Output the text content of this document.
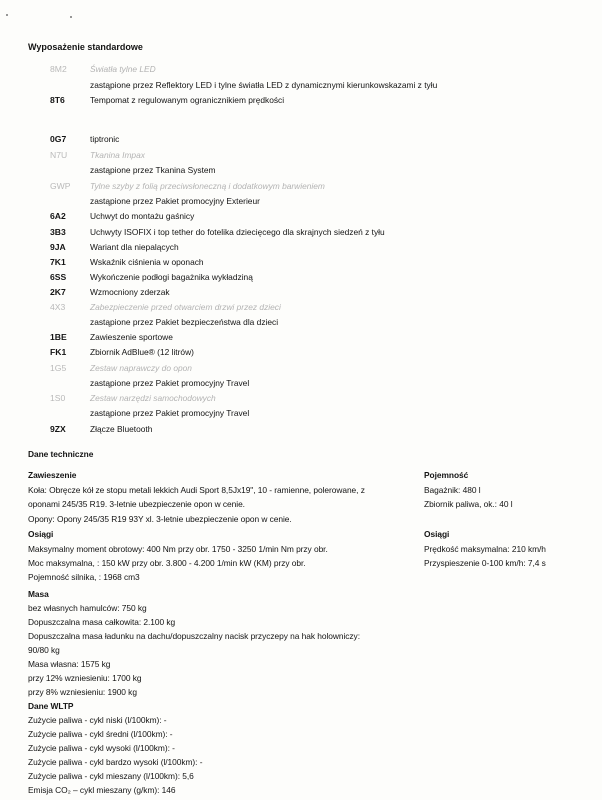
Wyposażenie standardowe
8M2	Światła tylne LED
zastąpione przez Reflektory LED i tylne światła LED z dynamicznymi kierunkowskazami z tyłu
8T6	Tempomat z regulowanym ogranicznikiem prędkości
0G7	tiptronic
N7U	Tkanina Impax
zastąpione przez Tkanina System
GWP Tylne szyby z folią przeciwsłoneczną i dodatkowym barwieniem
zastąpione przez Pakiet promocyjny Exterieur
6A2	Uchwyt do montażu gaśnicy
3B3	Uchwyty ISOFIX i top tether do fotelika dziecięcego dla skrajnych siedzeń z tyłu
9JA	Wariant dla niepalących
7K1	Wskaźnik ciśnienia w oponach
6SS	Wykończenie podłogi bagażnika wykładziną
2K7	Wzmocniony zderzak
4X3	Zabezpieczenie przed otwarciem drzwi przez dzieci
zastąpione przez Pakiet bezpieczeństwa dla dzieci
1BE	Zawieszenie sportowe
FK1	Zbiornik AdBlue® (12 litrów)
1G5	Zestaw naprawczy do opon
zastąpione przez Pakiet promocyjny Travel
1S0	Zestaw narzędzi samochodowych
zastąpione przez Pakiet promocyjny Travel
9ZX	Złącze Bluetooth
Dane techniczne
Zawieszenie
Koła: Obręcze kół ze stopu metali lekkich Audi Sport 8,5Jx19", 10 - ramienne, polerowane, z
oponami 245/35 R19. 3-letnie ubezpieczenie opon w cenie.
Opony: Opony 245/35 R19 93Y xl. 3-letnie ubezpieczenie opon w cenie.
Pojemność
Bagażnik: 480 l
Zbiornik paliwa, ok.: 40 l
Osiągi
Maksymalny moment obrotowy: 400 Nm przy obr. 1750 - 3250 1/min Nm przy obr.
Moc maksymalna, : 150 kW przy obr. 3.800 - 4.200 1/min kW (KM) przy obr.
Pojemność silnika, : 1968 cm3
Osiągi
Prędkość maksymalna: 210 km/h
Przyspieszenie 0-100 km/h: 7,4 s
Masa
bez własnych hamulców: 750 kg
Dopuszczalna masa całkowita: 2.100 kg
Dopuszczalna masa ładunku na dachu/dopuszczalny nacisk przyczepy na hak holowniczy:
90/80 kg
Masa własna: 1575 kg
przy 12% wzniesieniu: 1700 kg
przy 8% wzniesieniu: 1900 kg
Dane WLTP
Zużycie paliwa - cykl niski (l/100km): -
Zużycie paliwa - cykl średni (l/100km): -
Zużycie paliwa - cykl wysoki (l/100km): -
Zużycie paliwa - cykl bardzo wysoki (l/100km): -
Zużycie paliwa - cykl mieszany (l/100km): 5,6
Emisja CO₂ – cykl mieszany (g/km): 146
